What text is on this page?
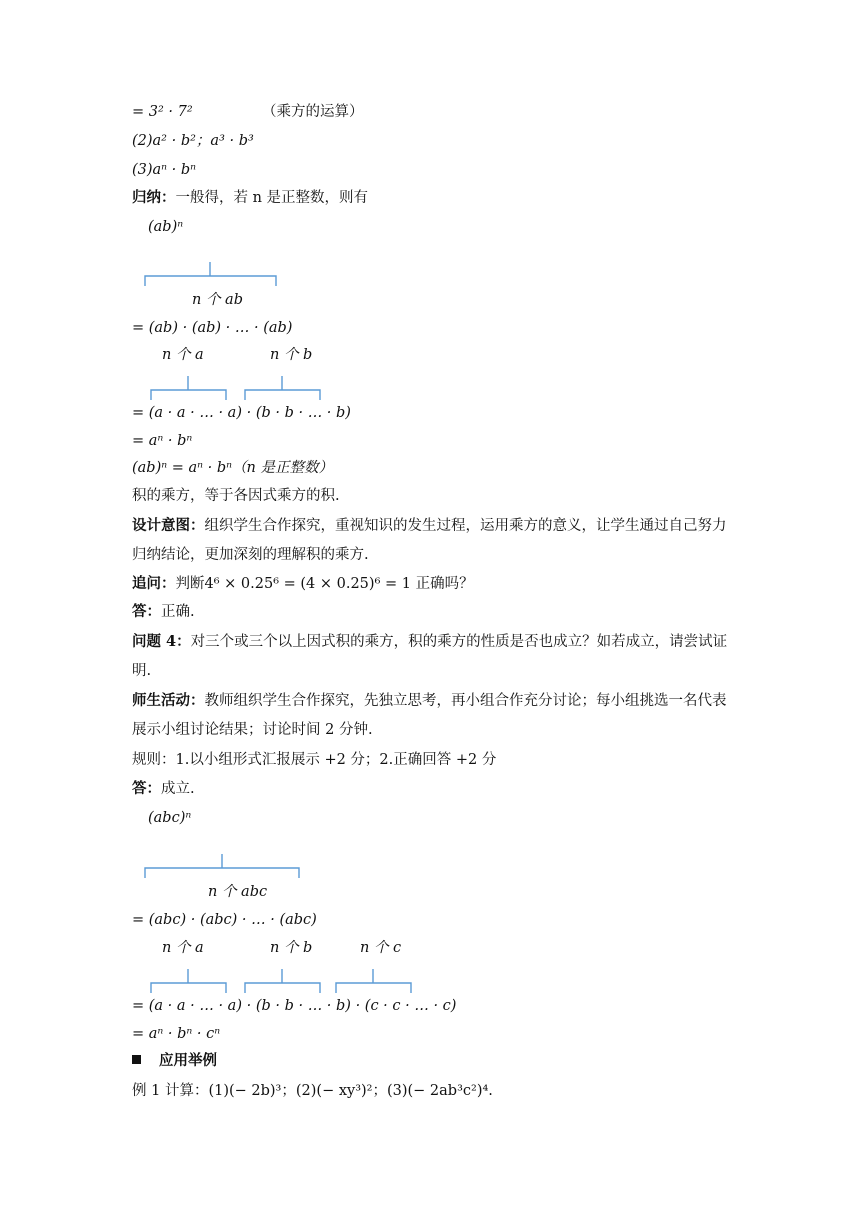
= 3² · 7²	（乘方的运算）
(2)a² · b²；a³ · b³
(3)aⁿ · bⁿ
归纳：一般得，若 n 是正整数，则有
(ab)ⁿ
n 个 ab
= (ab) · (ab) · … · (ab)
n 个 a	n 个 b
= (a · a · … · a) · (b · b · … · b)
= aⁿ · bⁿ
(ab)ⁿ = aⁿ · bⁿ（n 是正整数）
积的乘方，等于各因式乘方的积.
设计意图：组织学生合作探究，重视知识的发生过程，运用乘方的意义，让学生通过自己努力
归纳结论，更加深刻的理解积的乘方.
追问：判断4⁶ × 0.25⁶ = (4 × 0.25)⁶ = 1 正确吗？
答：正确.
问题 4：对三个或三个以上因式积的乘方，积的乘方的性质是否也成立？如若成立，请尝试证
明.
师生活动：教师组织学生合作探究，先独立思考，再小组合作充分讨论；每小组挑选一名代表
展示小组讨论结果；讨论时间 2 分钟.
规则：1.以小组形式汇报展示 +2 分；2.正确回答 +2 分
答：成立.
(abc)ⁿ
n 个 abc
= (abc) · (abc) · … · (abc)
n 个 a	n 个 b	n 个 c
= (a · a · … · a) · (b · b · … · b) · (c · c · … · c)
= aⁿ · bⁿ · cⁿ
应用举例
例 1 计算：(1)(− 2b)³；(2)(− xy³)²；(3)(− 2ab³c²)⁴.
